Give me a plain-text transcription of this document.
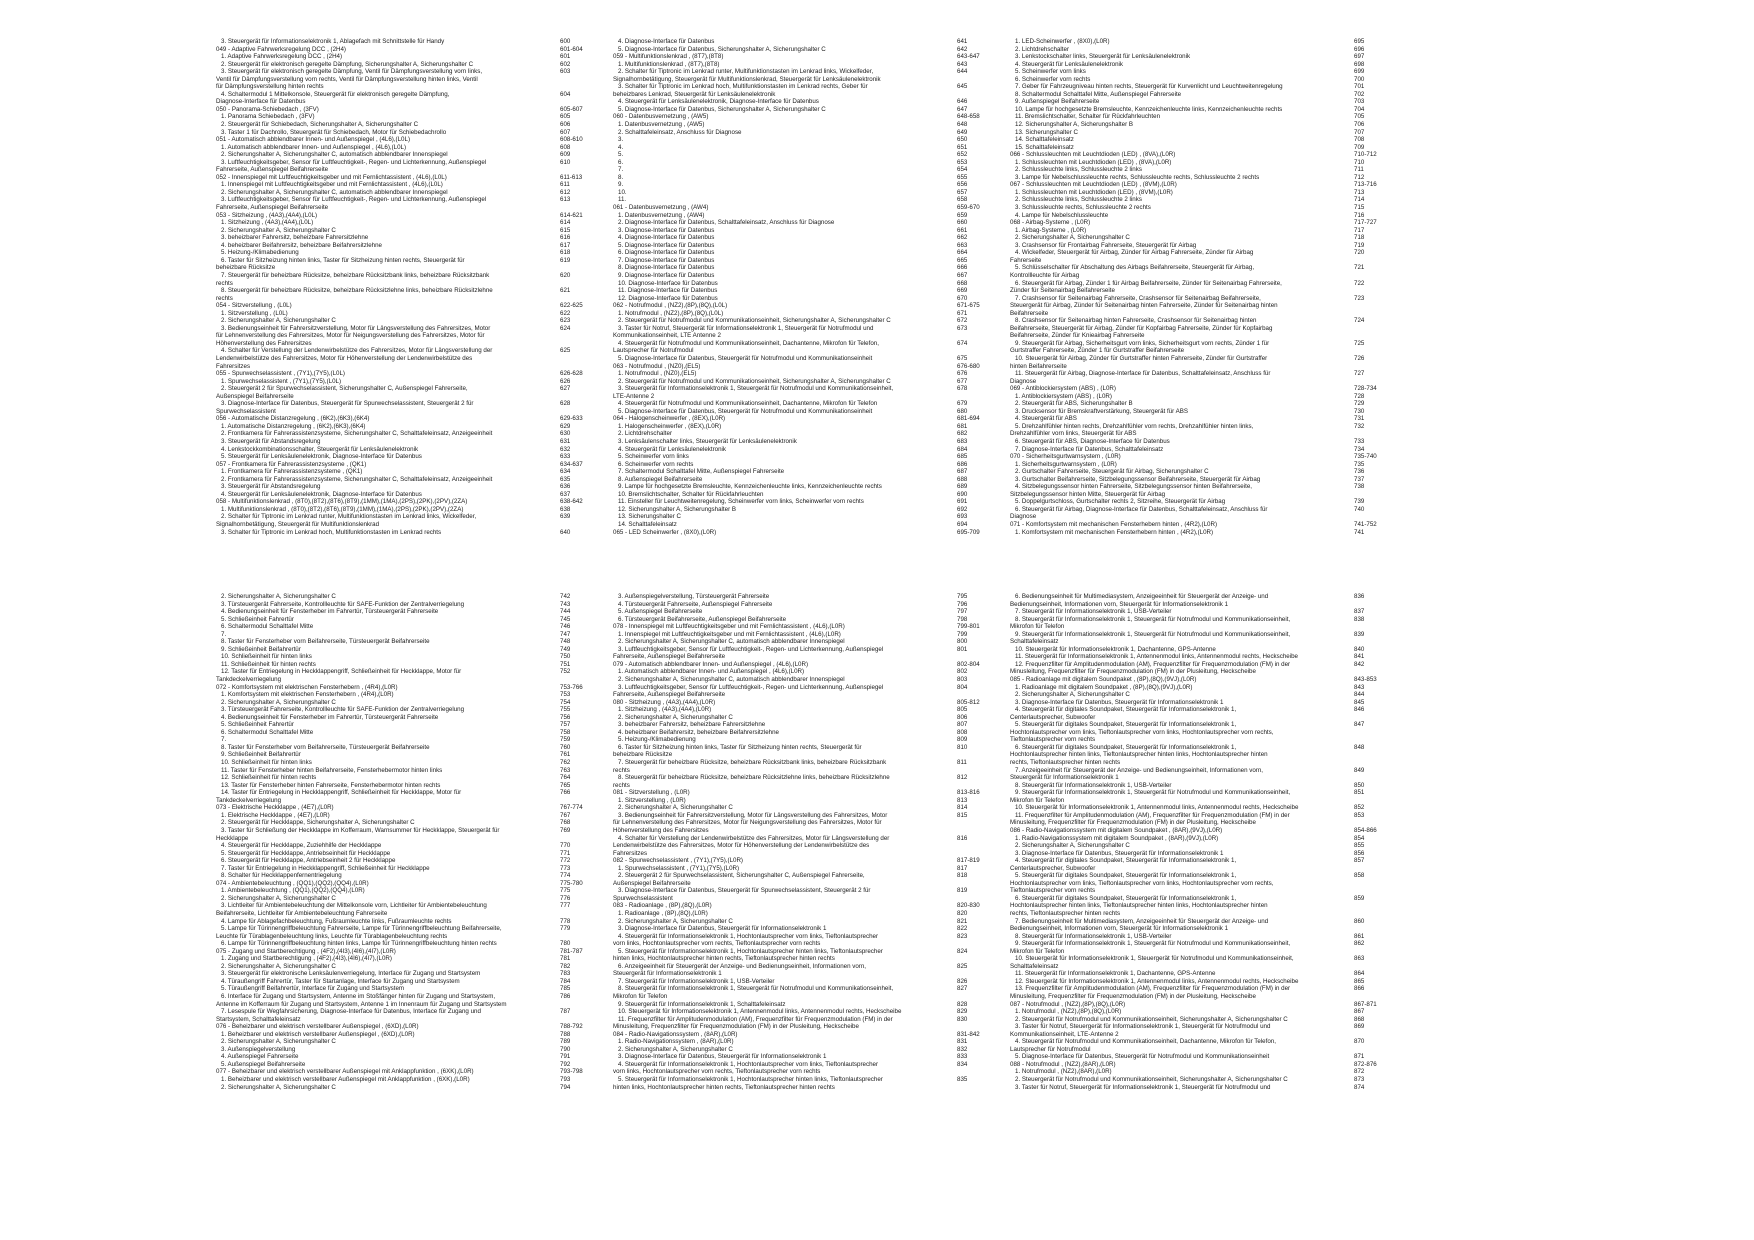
3. Steuergerät für Informationselektronik 1, Ablagefach mit Schnittstelle für Handy	600
049 - Adaptive Fahrwerksregelung DCC , (2H4)	601-604
1. Adaptive Fahrwerksregelung DCC , (2H4)	601
2. Steuergerät für elektronisch geregelte Dämpfung, Sicherungshalter A, Sicherungshalter C	602
3. Steuergerät für elektronisch geregelte Dämpfung, Ventil für Dämpfungsverstellung vorn links,	603
Ventil für Dämpfungsverstellung vorn rechts, Ventil für Dämpfungsverstellung hinten links, Ventil
für Dämpfungsverstellung hinten rechts
4. Schaltermodul 1 Mittelkonsole, Steuergerät für elektronisch geregelte Dämpfung,	604
Diagnose-Interface für Datenbus
050 - Panorama-Schiebedach , (3FV)	605-607
1. Panorama Schiebedach , (3FV)	605
2. Steuergerät für Schiebedach, Sicherungshalter A, Sicherungshalter C	606
3. Taster 1 für Dachrollo, Steuergerät für Schiebedach, Motor für Schiebedachrollo	607
051 - Automatisch abblendbarer Innen- und Außenspiegel , (4L6),(L0L)	608-610
1. Automatisch abblendbarer Innen- und Außenspiegel , (4L6),(L0L)	608
2. Sicherungshalter A, Sicherungshalter C, automatisch abblendbarer Innenspiegel	609
3. Luftfeuchtigkeitsgeber, Sensor für Luftfeuchtigkeit-, Regen- und Lichterkennung, Außenspiegel	610
Fahrerseite, Außenspiegel Beifahrerseite
052 - Innenspiegel mit Luftfeuchtigkeitsgeber und mit Fernlichtassistent , (4L6),(L0L)	611-613
1. Innenspiegel mit Luftfeuchtigkeitsgeber und mit Fernlichtassistent , (4L6),(L0L)	611
2. Sicherungshalter A, Sicherungshalter C, automatisch abblendbarer Innenspiegel	612
3. Luftfeuchtigkeitsgeber, Sensor für Luftfeuchtigkeit-, Regen- und Lichterkennung, Außenspiegel	613
Fahrerseite, Außenspiegel Beifahrerseite
053 - Sitzheizung , (4A3),(4A4),(L0L)	614-621
1. Sitzheizung , (4A3),(4A4),(L0L)	614
2. Sicherungshalter A, Sicherungshalter C	615
3. beheizbarer Fahrersitz, beheizbare Fahrersitzlehne	616
4. beheizbarer Beifahrersitz, beheizbare Beifahrersitzlehne	617
5. Heizung-/Klimabedienung	618
6. Taster für Sitzheizung hinten links, Taster für Sitzheizung hinten rechts, Steuergerät für	619
beheizbare Rücksitze
7. Steuergerät für beheizbare Rücksitze, beheizbare Rücksitzbank links, beheizbare Rücksitzbank	620
rechts
8. Steuergerät für beheizbare Rücksitze, beheizbare Rücksitzlehne links, beheizbare Rücksitzlehne	621
rechts
054 - Sitzverstellung , (L0L)	622-625
1. Sitzverstellung , (L0L)	622
2. Sicherungshalter A, Sicherungshalter C	623
3. Bedienungseinheit für Fahrersitzverstellung, Motor für Längsverstellung des Fahrersitzes, Motor	624
für Lehnenverstellung des Fahrersitzes, Motor für Neigungsverstellung des Fahrersitzes, Motor für
Höhenverstellung des Fahrersitzes
4. Schalter für Verstellung der Lendenwirbelstütze des Fahrersitzes, Motor für Längsverstellung der	625
Lendenwirbelstütze des Fahrersitzes, Motor für Höhenverstellung der Lendenwirbelstütze des
Fahrersitzes
055 - Spurwechselassistent , (7Y1),(7Y5),(L0L)	626-628
1. Spurwechselassistent , (7Y1),(7Y5),(L0L)	626
2. Steuergerät 2 für Spurwechselassistent, Sicherungshalter C, Außenspiegel Fahrerseite,	627
Außenspiegel Beifahrerseite
3. Diagnose-Interface für Datenbus, Steuergerät für Spurwechselassistent, Steuergerät 2 für	628
Spurwechselassistent
056 - Automatische Distanzregelung , (6K2),(6K3),(6K4)	629-633
1. Automatische Distanzregelung , (6K2),(6K3),(6K4)	629
2. Frontkamera für Fahrerassistenzsysteme, Sicherungshalter C, Schalttafeleinsatz, Anzeigeeinheit	630
3. Steuergerät für Abstandsregelung	631
4. Lenkstockkombinationsschalter, Steuergerät für Lenksäulenelektronik	632
5. Steuergerät für Lenksäulenelektronik, Diagnose-Interface für Datenbus	633
057 - Frontkamera für Fahrerassistenzsysteme , (QK1)	634-637
1. Frontkamera für Fahrerassistenzsysteme , (QK1)	634
2. Frontkamera für Fahrerassistenzsysteme, Sicherungshalter C, Schalttafeleinsatz, Anzeigeeinheit	635
3. Steuergerät für Abstandsregelung	636
4. Steuergerät für Lenksäulenelektronik, Diagnose-Interface für Datenbus	637
058 - Multifunktionslenkrad , (8T0),(8T2),(8T6),(8T9),(1MM),(1MA),(2PS),(2PK),(2PV),(2ZA)	638-642
1. Multifunktionslenkrad , (8T0),(8T2),(8T6),(8T9),(1MM),(1MA),(2PS),(2PK),(2PV),(2ZA)	638
2. Schalter für Tiptronic im Lenkrad runter, Multifunktionstasten im Lenkrad links, Wickelfeder,	639
Signalhornbetätigung, Steuergerät für Multifunktionslenkrad
3. Schalter für Tiptronic im Lenkrad hoch, Multifunktionstasten im Lenkrad rechts	640
4. Diagnose-Interface für Datenbus	641
5. Diagnose-Interface für Datenbus, Sicherungshalter A, Sicherungshalter C	642
059 - Multifunktionslenkrad , (8T7),(8T8)	643-647
1. Multifunktionslenkrad , (8T7),(8T8)	643
2. Schalter für Tiptronic im Lenkrad runter, Multifunktionstasten im Lenkrad links, Wickelfeder,	644
Signalhornbetätigung, Steuergerät für Multifunktionslenkrad, Steuergerät für Lenksäulenelektronik
3. Schalter für Tiptronic im Lenkrad hoch, Multifunktionstasten im Lenkrad rechts, Geber für	645
beheizbares Lenkrad, Steuergerät für Lenksäulenelektronik
4. Steuergerät für Lenksäulenelektronik, Diagnose-Interface für Datenbus	646
5. Diagnose-Interface für Datenbus, Sicherungshalter A, Sicherungshalter C	647
060 - Datenbusvernetzung , (AW5)	648-658
1. Datenbusvernetzung , (AW5)	648
2. Schalttafeleinsatz, Anschluss für Diagnose	649
3.	650
4.	651
5.	652
6.	653
7.	654
8.	655
9.	656
10.	657
11.	658
061 - Datenbusvernetzung , (AW4)	659-670
1. Datenbusvernetzung , (AW4)	659
2. Diagnose-Interface für Datenbus, Schalttafeleinsatz, Anschluss für Diagnose	660
3. Diagnose-Interface für Datenbus	661
4. Diagnose-Interface für Datenbus	662
5. Diagnose-Interface für Datenbus	663
6. Diagnose-Interface für Datenbus	664
7. Diagnose-Interface für Datenbus	665
8. Diagnose-Interface für Datenbus	666
9. Diagnose-Interface für Datenbus	667
10. Diagnose-Interface für Datenbus	668
11. Diagnose-Interface für Datenbus	669
12. Diagnose-Interface für Datenbus	670
062 - Notrufmodul , (NZ2),(8P),(8Q),(L0L)	671-675
1. Notrufmodul , (NZ2),(8P),(8Q),(L0L)	671
2. Steuergerät für Notrufmodul und Kommunikationseinheit, Sicherungshalter A, Sicherungshalter C	672
3. Taster für Notruf, Steuergerät für Informationselektronik 1, Steuergerät für Notrufmodul und	673
Kommunikationseinheit, LTE Antenne 2
4. Steuergerät für Notrufmodul und Kommunikationseinheit, Dachantenne, Mikrofon für Telefon,	674
Lautsprecher für Notrufmodul
5. Diagnose-Interface für Datenbus, Steuergerät für Notrufmodul und Kommunikationseinheit	675
063 - Notrufmodul , (NZ0),(EL5)	676-680
1. Notrufmodul , (NZ0),(EL5)	676
2. Steuergerät für Notrufmodul und Kommunikationseinheit, Sicherungshalter A, Sicherungshalter C	677
3. Steuergerät für Informationselektronik 1, Steuergerät für Notrufmodul und Kommunikationseinheit,	678
LTE-Antenne 2
4. Steuergerät für Notrufmodul und Kommunikationseinheit, Dachantenne, Mikrofon für Telefon	679
5. Diagnose-Interface für Datenbus, Steuergerät für Notrufmodul und Kommunikationseinheit	680
064 - Halogenscheinwerfer , (8EX),(L0R)	681-694
1. Halogenscheinwerfer , (8EX),(L0R)	681
2. Lichtdrehschalter	682
3. Lenksäulenschalter links, Steuergerät für Lenksäulenelektronik	683
4. Steuergerät für Lenksäulenelektronik	684
5. Scheinwerfer vorn links	685
6. Scheinwerfer vorn rechts	686
7. Schaltermodul Schalttafel Mitte, Außenspiegel Fahrerseite	687
8. Außenspiegel Beifahrerseite	688
9. Lampe für hochgesetzte Bremsleuchte, Kennzeichenleuchte links, Kennzeichenleuchte rechts	689
10. Bremslichtschalter, Schalter für Rückfahrleuchten	690
11. Einsteller für Leuchtweitenregelung, Scheinwerfer vorn links, Scheinwerfer vorn rechts	691
12. Sicherungshalter A, Sicherungshalter B	692
13. Sicherungshalter C	693
14. Schalttafeleinsatz	694
065 - LED Scheinwerfer , (8X0),(L0R)	695-709
1. LED-Scheinwerfer , (8X0),(L0R)	695
2. Lichtdrehschalter	696
3. Lenkstockschalter links, Steuergerät für Lenksäulenelektronik	697
4. Steuergerät für Lenksäulenelektronik	698
5. Scheinwerfer vorn links	699
6. Scheinwerfer vorn rechts	700
7. Geber für Fahrzeugniveau hinten rechts, Steuergerät für Kurvenlicht und Leuchtweitenregelung	701
8. Schaltermodul Schalttafel Mitte, Außenspiegel Fahrerseite	702
9. Außenspiegel Beifahrerseite	703
10. Lampe für hochgesetzte Bremsleuchte, Kennzeichenleuchte links, Kennzeichenleuchte rechts	704
11. Bremslichtschalter, Schalter für Rückfahrleuchten	705
12. Sicherungshalter A, Sicherungshalter B	706
13. Sicherungshalter C	707
14. Schalttafeleinsatz	708
15. Schalttafeleinsatz	709
066 - Schlussleuchten mit Leuchtdioden (LED) , (8VA),(L0R)	710-712
1. Schlussleuchten mit Leuchtdioden (LED) , (8VA),(L0R)	710
2. Schlussleuchte links, Schlussleuchte 2 links	711
3. Lampe für Nebelschlussleuchte rechts, Schlussleuchte rechts, Schlussleuchte 2 rechts	712
067 - Schlussleuchten mit Leuchtdioden (LED) , (8VM),(L0R)	713-716
1. Schlussleuchten mit Leuchtdioden (LED) , (8VM),(L0R)	713
2. Schlussleuchte links, Schlussleuchte 2 links	714
3. Schlussleuchte rechts, Schlussleuchte 2 rechts	715
4. Lampe für Nebelschlussleuchte	716
068 - Airbag-Systeme , (L0R)	717-727
1. Airbag-Systeme , (L0R)	717
2. Sicherungshalter A, Sicherungshalter C	718
3. Crashsensor für Frontairbag Fahrerseite, Steuergerät für Airbag	719
4. Wickelfeder, Steuergerät für Airbag, Zünder für Airbag Fahrerseite, Zünder für Airbag	720
Fahrerseite
5. Schlüsselschalter für Abschaltung des Airbags Beifahrerseite, Steuergerät für Airbag,	721
Kontrollleuchte für Airbag
6. Steuergerät für Airbag, Zünder 1 für Airbag Beifahrerseite, Zünder für Seitenairbag Fahrerseite,	722
Zünder für Seitenairbag Beifahrerseite
7. Crashsensor für Seitenairbag Fahrerseite, Crashsensor für Seitenairbag Beifahrerseite,	723
Steuergerät für Airbag, Zünder für Seitenairbag hinten Fahrerseite, Zünder für Seitenairbag hinten
Beifahrerseite
8. Crashsensor für Seitenairbag hinten Fahrerseite, Crashsensor für Seitenairbag hinten	724
Beifahrerseite, Steuergerät für Airbag, Zünder für Kopfairbag Fahrerseite, Zünder für Kopfairbag
Beifahrerseite, Zünder für Knieairbag Fahrerseite
9. Steuergerät für Airbag, Sicherheitsgurt vorn links, Sicherheitsgurt vorn rechts, Zünder 1 für	725
Gurtstraffer Fahrerseite, Zünder 1 für Gurtstraffer Beifahrerseite
10. Steuergerät für Airbag, Zünder für Gurtstraffer hinten Fahrerseite, Zünder für Gurtstraffer	726
hinten Beifahrerseite
11. Steuergerät für Airbag, Diagnose-Interface für Datenbus, Schalttafeleinsatz, Anschluss für	727
Diagnose
069 - Antiblockiersystem (ABS) , (L0R)	728-734
1. Antiblockiersystem (ABS) , (L0R)	728
2. Steuergerät für ABS, Sicherungshalter B	729
3. Drucksensor für Bremskraftverstärkung, Steuergerät für ABS	730
4. Steuergerät für ABS	731
5. Drehzahlfühler hinten rechts, Drehzahlfühler vorn rechts, Drehzahlfühler hinten links,	732
Drehzahlfühler vorn links, Steuergerät für ABS
6. Steuergerät für ABS, Diagnose-Interface für Datenbus	733
7. Diagnose-Interface für Datenbus, Schalttafeleinsatz	734
070 - Sicherheitsgurtwarnsystem , (L0R)	735-740
1. Sicherheitsgurtwarnsystem , (L0R)	735
2. Gurtschalter Fahrerseite, Steuergerät für Airbag, Sicherungshalter C	736
3. Gurtschalter Beifahrerseite, Sitzbelegungssensor Beifahrerseite, Steuergerät für Airbag	737
4. Sitzbelegungssensor hinten Fahrerseite, Sitzbelegungssensor hinten Beifahrerseite,	738
Sitzbelegungssensor hinten Mitte, Steuergerät für Airbag
5. Doppelgurtschloss, Gurtschalter rechts 2, Sitzreihe, Steuergerät für Airbag	739
6. Steuergerät für Airbag, Diagnose-Interface für Datenbus, Schalttafeleinsatz, Anschluss für	740
Diagnose
071 - Komfortsystem mit mechanischen Fensterhebern hinten , (4R2),(L0R)	741-752
1. Komfortsystem mit mechanischen Fensterhebern hinten , (4R2),(L0R)	741
2. Sicherungshalter A, Sicherungshalter C	742
3. Türsteuergerät Fahrerseite, Kontrollleuchte für SAFE-Funktion der Zentralverriegelung	743
4. Bedienungseinheit für Fensterheber im Fahrertür, Türsteuergerät Fahrerseite	744
5. Schließeinheit Fahrertür	745
6. Schaltermodul Schalttafel Mitte	746
7.	747
8. Taster für Fensterheber vorn Beifahrerseite, Türsteuergerät Beifahrerseite	748
9. Schließeinheit Beifahrertür	749
10. Schließeinheit für hinten links	750
11. Schließeinheit für hinten rechts	751
12. Taster für Entriegelung in Heckklappengriff, Schließeinheit für Heckklappe, Motor für	752
Tankdeckelverriegelung
072 - Komfortsystem mit elektrischen Fensterhebern , (4R4),(L0R)	753-766
1. Komfortsystem mit elektrischen Fensterhebern , (4R4),(L0R)	753
2. Sicherungshalter A, Sicherungshalter C	754
3. Türsteuergerät Fahrerseite, Kontrollleuchte für SAFE-Funktion der Zentralverriegelung	755
4. Bedienungseinheit für Fensterheber im Fahrertür, Türsteuergerät Fahrerseite	756
5. Schließeinheit Fahrertür	757
6. Schaltermodul Schalttafel Mitte	758
7.	759
8. Taster für Fensterheber vorn Beifahrerseite, Türsteuergerät Beifahrerseite	760
9. Schließeinheit Beifahrertür	761
10. Schließeinheit für hinten links	762
11. Taster für Fensterheber hinten Beifahrerseite, Fensterhebermotor hinten links	763
12. Schließeinheit für hinten rechts	764
13. Taster für Fensterheber hinten Fahrerseite, Fensterhebermotor hinten rechts	765
14. Taster für Entriegelung in Heckklappengriff, Schließeinheit für Heckklappe, Motor für	766
Tankdeckelverriegelung
073 - Elektrische Heckklappe , (4E7),(L0R)	767-774
1. Elektrische Heckklappe , (4E7),(L0R)	767
2. Steuergerät für Heckklappe, Sicherungshalter A, Sicherungshalter C	768
3. Taster für Schließung der Heckklappe im Kofferraum, Warnsummer für Heckklappe, Steuergerät für	769
Heckklappe
4. Steuergerät für Heckklappe, Zuziehhilfe der Heckklappe	770
5. Steuergerät für Heckklappe, Antriebseinheit für Heckklappe	771
6. Steuergerät für Heckklappe, Antriebseinheit 2 für Heckklappe	772
7. Taster für Entriegelung in Heckklappengriff, Schließeinheit für Heckklappe	773
8. Schalter für Heckklappenfernentriegelung	774
074 - Ambientebeleuchtung , (QQ1),(QQ2),(QQ4),(L0R)	775-780
1. Ambientebeleuchtung , (QQ1),(QQ2),(QQ4),(L0R)	775
2. Sicherungshalter A, Sicherungshalter C	776
3. Lichtleiter für Ambientebeleuchtung der Mittelkonsole vorn, Lichtleiter für Ambientebeleuchtung	777
Beifahrerseite, Lichtleiter für Ambientebeleuchtung Fahrerseite
4. Lampe für Ablagefachbeleuchtung, Fußraumleuchte links, Fußraumleuchte rechts	778
5. Lampe für Türinnengriffbeleuchtung Fahrerseite, Lampe für Türinnengriffbeleuchtung Beifahrerseite,	779
Leuchte für Türablagenbeleuchtung links, Leuchte für Türablagenbeleuchtung rechts
6. Lampe für Türinnengriffbeleuchtung hinten links, Lampe für Türinnengriffbeleuchtung hinten rechts	780
075 - Zugang und Startberechtigung , (4F2),(4I3),(4I6),(4I7),(L0R)	781-787
1. Zugang und Startberechtigung , (4F2),(4I3),(4I6),(4I7),(L0R)	781
2. Sicherungshalter A, Sicherungshalter C	782
3. Steuergerät für elektronische Lenksäulenverriegelung, Interface für Zugang und Startsystem	783
4. Türaußengriff Fahrertür, Taster für Startanlage, Interface für Zugang und Startsystem	784
5. Türaußengriff Beifahrertür, Interface für Zugang und Startsystem	785
6. Interface für Zugang und Startsystem, Antenne im Stoßfänger hinten für Zugang und Startsystem,	786
Antenne im Kofferraum für Zugang und Startsystem, Antenne 1 im Innenraum für Zugang und Startsystem
7. Lesespule für Wegfahrsicherung, Diagnose-Interface für Datenbus, Interface für Zugang und	787
Startsystem, Schalttafeleinsatz
076 - Beheizbarer und elektrisch verstellbarer Außenspiegel , (6XD),(L0R)	788-792
1. Beheizbarer und elektrisch verstellbarer Außenspiegel , (6XD),(L0R)	788
2. Sicherungshalter A, Sicherungshalter C	789
3. Außenspiegelverstellung	790
4. Außenspiegel Fahrerseite	791
5. Außenspiegel Beifahrerseite	792
077 - Beheizbarer und elektrisch verstellbarer Außenspiegel mit Anklappfunktion , (6XK),(L0R)	793-798
1. Beheizbarer und elektrisch verstellbarer Außenspiegel mit Anklappfunktion , (6XK),(L0R)	793
2. Sicherungshalter A, Sicherungshalter C	794
3. Außenspiegelverstellung, Türsteuergerät Fahrerseite	795
4. Türsteuergerät Fahrerseite, Außenspiegel Fahrerseite	796
5. Außenspiegel Beifahrerseite	797
6. Türsteuergerät Beifahrerseite, Außenspiegel Beifahrerseite	798
078 - Innenspiegel mit Luftfeuchtigkeitsgeber und mit Fernlichtassistent , (4L6),(L0R)	799-801
1. Innenspiegel mit Luftfeuchtigkeitsgeber und mit Fernlichtassistent , (4L6),(L0R)	799
2. Sicherungshalter A, Sicherungshalter C, automatisch abblendbarer Innenspiegel	800
3. Luftfeuchtigkeitsgeber, Sensor für Luftfeuchtigkeit-, Regen- und Lichterkennung, Außenspiegel	801
Fahrerseite, Außenspiegel Beifahrerseite
079 - Automatisch abblendbarer Innen- und Außenspiegel , (4L6),(L0R)	802-804
1. Automatisch abblendbarer Innen- und Außenspiegel , (4L6),(L0R)	802
2. Sicherungshalter A, Sicherungshalter C, automatisch abblendbarer Innenspiegel	803
3. Luftfeuchtigkeitsgeber, Sensor für Luftfeuchtigkeit-, Regen- und Lichterkennung, Außenspiegel	804
Fahrerseite, Außenspiegel Beifahrerseite
080 - Sitzheizung , (4A3),(4A4),(L0R)	805-812
1. Sitzheizung , (4A3),(4A4),(L0R)	805
2. Sicherungshalter A, Sicherungshalter C	806
3. beheizbarer Fahrersitz, beheizbare Fahrersitzlehne	807
4. beheizbarer Beifahrersitz, beheizbare Beifahrersitzlehne	808
5. Heizung-/Klimabedienung	809
6. Taster für Sitzheizung hinten links, Taster für Sitzheizung hinten rechts, Steuergerät für	810
beheizbare Rücksitze
7. Steuergerät für beheizbare Rücksitze, beheizbare Rücksitzbank links, beheizbare Rücksitzbank	811
rechts
8. Steuergerät für beheizbare Rücksitze, beheizbare Rücksitzlehne links, beheizbare Rücksitzlehne	812
rechts
081 - Sitzverstellung , (L0R)	813-816
1. Sitzverstellung , (L0R)	813
2. Sicherungshalter A, Sicherungshalter C	814
3. Bedienungseinheit für Fahrersitzverstellung, Motor für Längsverstellung des Fahrersitzes, Motor	815
für Lehnenverstellung des Fahrersitzes, Motor für Neigungsverstellung des Fahrersitzes, Motor für
Höhenverstellung des Fahrersitzes
4. Schalter für Verstellung der Lendenwirbelstütze des Fahrersitzes, Motor für Längsverstellung der	816
Lendenwirbelstütze des Fahrersitzes, Motor für Höhenverstellung der Lendenwirbelstütze des
Fahrersitzes
082 - Spurwechselassistent , (7Y1),(7Y5),(L0R)	817-819
1. Spurwechselassistent , (7Y1),(7Y5),(L0R)	817
2. Steuergerät 2 für Spurwechselassistent, Sicherungshalter C, Außenspiegel Fahrerseite,	818
Außenspiegel Beifahrerseite
3. Diagnose-Interface für Datenbus, Steuergerät für Spurwechselassistent, Steuergerät 2 für	819
Spurwechselassistent
083 - Radioanlage , (8P),(8Q),(L0R)	820-830
1. Radioanlage , (8P),(8Q),(L0R)	820
2. Sicherungshalter A, Sicherungshalter C	821
3. Diagnose-Interface für Datenbus, Steuergerät für Informationselektronik 1	822
4. Steuergerät für Informationselektronik 1, Hochtonlautsprecher vorn links, Tieftonlautsprecher	823
vorn links, Hochtonlautsprecher vorn rechts, Tieftonlautsprecher vorn rechts
5. Steuergerät für Informationselektronik 1, Hochtonlautsprecher hinten links, Tieftonlautsprecher	824
hinten links, Hochtonlautsprecher hinten rechts, Tieftonlautsprecher hinten rechts
6. Anzeigeeinheit für Steuergerät der Anzeige- und Bedienungseinheit, Informationen vorn,	825
Steuergerät für Informationselektronik 1
7. Steuergerät für Informationselektronik 1, USB-Verteiler	826
8. Steuergerät für Informationselektronik 1, Steuergerät für Notrufmodul und Kommunikationseinheit,	827
Mikrofon für Telefon
9. Steuergerät für Informationselektronik 1, Schalttafeleinsatz	828
10. Steuergerät für Informationselektronik 1, Antennenmodul links, Antennenmodul rechts, Heckscheibe	829
11. Frequenzfilter für Amplitudenmodulation (AM), Frequenzfilter für Frequenzmodulation (FM) in der	830
Minusleitung, Frequenzfilter für Frequenzmodulation (FM) in der Plusleitung, Heckscheibe
084 - Radio-Navigationssystem , (8AR),(L0R)	831-842
1. Radio-Navigationssystem , (8AR),(L0R)	831
2. Sicherungshalter A, Sicherungshalter C	832
3. Diagnose-Interface für Datenbus, Steuergerät für Informationselektronik 1	833
4. Steuergerät für Informationselektronik 1, Hochtonlautsprecher vorn links, Tieftonlautsprecher	834
vorn links, Hochtonlautsprecher vorn rechts, Tieftonlautsprecher vorn rechts
5. Steuergerät für Informationselektronik 1, Hochtonlautsprecher hinten links, Tieftonlautsprecher	835
hinten links, Hochtonlautsprecher hinten rechts, Tieftonlautsprecher hinten rechts
6. Bedienungseinheit für Multimediasystem, Anzeigeeinheit für Steuergerät der Anzeige- und	836
Bedienungseinheit, Informationen vorn, Steuergerät für Informationselektronik 1
7. Steuergerät für Informationselektronik 1, USB-Verteiler	837
8. Steuergerät für Informationselektronik 1, Steuergerät für Notrufmodul und Kommunikationseinheit,	838
Mikrofon für Telefon
9. Steuergerät für Informationselektronik 1, Steuergerät für Notrufmodul und Kommunikationseinheit,	839
Schalttafeleinsatz
10. Steuergerät für Informationselektronik 1, Dachantenne, GPS-Antenne	840
11. Steuergerät für Informationselektronik 1, Antennenmodul links, Antennenmodul rechts, Heckscheibe	841
12. Frequenzfilter für Amplitudenmodulation (AM), Frequenzfilter für Frequenzmodulation (FM) in der	842
Minusleitung, Frequenzfilter für Frequenzmodulation (FM) in der Plusleitung, Heckscheibe
085 - Radioanlage mit digitalem Soundpaket , (8P),(8Q),(9VJ),(L0R)	843-853
1. Radioanlage mit digitalem Soundpaket , (8P),(8Q),(9VJ),(L0R)	843
2. Sicherungshalter A, Sicherungshalter C	844
3. Diagnose-Interface für Datenbus, Steuergerät für Informationselektronik 1	845
4. Steuergerät für digitales Soundpaket, Steuergerät für Informationselektronik 1,	846
Centerlautsprecher, Subwoofer
5. Steuergerät für digitales Soundpaket, Steuergerät für Informationselektronik 1,	847
Hochtonlautsprecher vorn links, Tieftonlautsprecher vorn links, Hochtonlautsprecher vorn rechts,
Tieftonlautsprecher vorn rechts
6. Steuergerät für digitales Soundpaket, Steuergerät für Informationselektronik 1,	848
Hochtonlautsprecher hinten links, Tieftonlautsprecher hinten links, Hochtonlautsprecher hinten
rechts, Tieftonlautsprecher hinten rechts
7. Anzeigeeinheit für Steuergerät der Anzeige- und Bedienungseinheit, Informationen vorn,	849
Steuergerät für Informationselektronik 1
8. Steuergerät für Informationselektronik 1, USB-Verteiler	850
9. Steuergerät für Informationselektronik 1, Steuergerät für Notrufmodul und Kommunikationseinheit,	851
Mikrofon für Telefon
10. Steuergerät für Informationselektronik 1, Antennenmodul links, Antennenmodul rechts, Heckscheibe	852
11. Frequenzfilter für Amplitudenmodulation (AM), Frequenzfilter für Frequenzmodulation (FM) in der	853
Minusleitung, Frequenzfilter für Frequenzmodulation (FM) in der Plusleitung, Heckscheibe
086 - Radio-Navigationssystem mit digitalem Soundpaket , (8AR),(9VJ),(L0R)	854-866
1. Radio-Navigationssystem mit digitalem Soundpaket , (8AR),(9VJ),(L0R)	854
2. Sicherungshalter A, Sicherungshalter C	855
3. Diagnose-Interface für Datenbus, Steuergerät für Informationselektronik 1	856
4. Steuergerät für digitales Soundpaket, Steuergerät für Informationselektronik 1,	857
Centerlautsprecher, Subwoofer
5. Steuergerät für digitales Soundpaket, Steuergerät für Informationselektronik 1,	858
Hochtonlautsprecher vorn links, Tieftonlautsprecher vorn links, Hochtonlautsprecher vorn rechts,
Tieftonlautsprecher vorn rechts
6. Steuergerät für digitales Soundpaket, Steuergerät für Informationselektronik 1,	859
Hochtonlautsprecher hinten links, Tieftonlautsprecher hinten links, Hochtonlautsprecher hinten
rechts, Tieftonlautsprecher hinten rechts
7. Bedienungseinheit für Multimediasystem, Anzeigeeinheit für Steuergerät der Anzeige- und	860
Bedienungseinheit, Informationen vorn, Steuergerät für Informationselektronik 1
8. Steuergerät für Informationselektronik 1, USB-Verteiler	861
9. Steuergerät für Informationselektronik 1, Steuergerät für Notrufmodul und Kommunikationseinheit,	862
Mikrofon für Telefon
10. Steuergerät für Informationselektronik 1, Steuergerät für Notrufmodul und Kommunikationseinheit,	863
Schalttafeleinsatz
11. Steuergerät für Informationselektronik 1, Dachantenne, GPS-Antenne	864
12. Steuergerät für Informationselektronik 1, Antennenmodul links, Antennenmodul rechts, Heckscheibe	865
13. Frequenzfilter für Amplitudenmodulation (AM), Frequenzfilter für Frequenzmodulation (FM) in der	866
Minusleitung, Frequenzfilter für Frequenzmodulation (FM) in der Plusleitung, Heckscheibe
087 - Notrufmodul , (NZ2),(8P),(8Q),(L0R)	867-871
1. Notrufmodul , (NZ2),(8P),(8Q),(L0R)	867
2. Steuergerät für Notrufmodul und Kommunikationseinheit, Sicherungshalter A, Sicherungshalter C	868
3. Taster für Notruf, Steuergerät für Informationselektronik 1, Steuergerät für Notrufmodul und	869
Kommunikationseinheit, LTE-Antenne 2
4. Steuergerät für Notrufmodul und Kommunikationseinheit, Dachantenne, Mikrofon für Telefon,	870
Lautsprecher für Notrufmodul
5. Diagnose-Interface für Datenbus, Steuergerät für Notrufmodul und Kommunikationseinheit	871
088 - Notrufmodul , (NZ2),(8AR),(L0R)	872-876
1. Notrufmodul , (NZ2),(8AR),(L0R)	872
2. Steuergerät für Notrufmodul und Kommunikationseinheit, Sicherungshalter A, Sicherungshalter C	873
3. Taster für Notruf, Steuergerät für Informationselektronik 1, Steuergerät für Notrufmodul und	874
